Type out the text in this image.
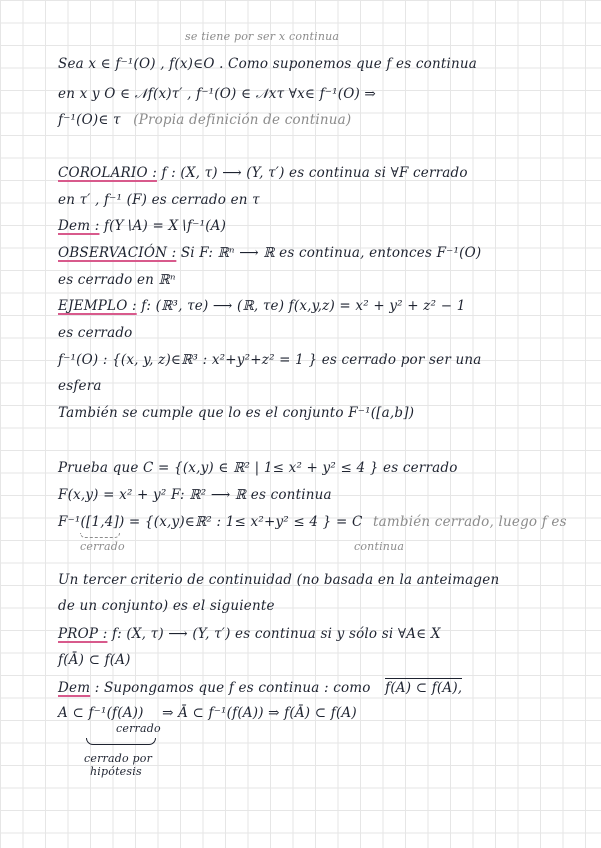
se tiene por ser x continua
Sea x ∈ f⁻¹(O) , f(x)∈O . Como suponemos que f es continua
en x y O ∈ 𝒩f(x)τ′ , f⁻¹(O) ∈ 𝒩xτ ∀x∈ f⁻¹(O) ⇒
f⁻¹(O)∈ τ (Propia definición de continua)
COROLARIO : f : (X, τ) ⟶ (Y, τ′) es continua si ∀F cerrado
en τ′ , f⁻¹ (F) es cerrado en τ
Dem : f(Y∖A) = X∖f⁻¹(A)
OBSERVACIÓN : Si F: ℝⁿ ⟶ ℝ es continua, entonces F⁻¹(O)
es cerrado en ℝⁿ
EJEMPLO : f: (ℝ³, τe) ⟶ (ℝ, τe) f(x,y,z) = x² + y² + z² − 1
es cerrado
f⁻¹(O) : {(x, y, z)∈ℝ³ : x²+y²+z² = 1 } es cerrado por ser una
esfera
También se cumple que lo es el conjunto F⁻¹([a,b])
Prueba que C = {(x,y) ∈ ℝ² | 1≤ x² + y² ≤ 4 } es cerrado
F(x,y) = x² + y² F: ℝ² ⟶ ℝ es continua
F⁻¹([1,4]) = {(x,y)∈ℝ² : 1≤ x²+y² ≤ 4 } = C también cerrado, luego f es
cerrado	continua
Un tercer criterio de continuidad (no basada en la anteimagen
de un conjunto) es el siguiente
PROP : f: (X, τ) ⟶ (Y, τ′) es continua si y sólo si ∀A∈ X
f(Ā) ⊂ f(A)
Dem : Supongamos que f es continua : como f(A) ⊂ f(A),
A ⊂ f⁻¹(f(A)) ⇒ Ā ⊂ f⁻¹(f(A)) ⇒ f(Ā) ⊂ f(A)
cerrado
cerrado por
hipótesis
